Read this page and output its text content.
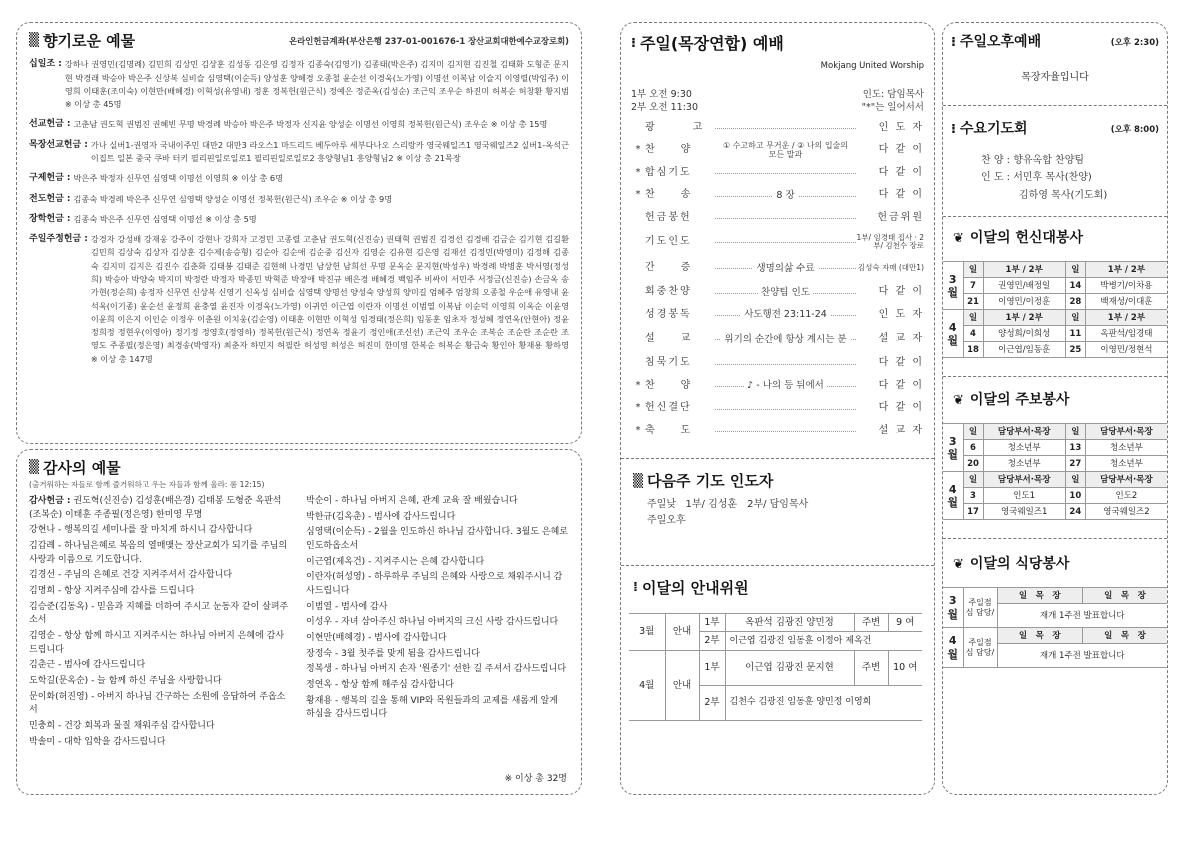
▒ 향기로운 예물	온라인헌금계좌(부산은행 237-01-001676-1 장산교회대한예수교장로회)
십일조 : 강하나 권영민(김명례) 김민희 김상민 김상훈 김성동 김은영 김정자 김종숙(김영기) 김종태(박은주) 김지미 김지현 김진철 김태화 도형준 문지현 박경래 박승아 박은주 신상복 심비슬 심영택(이순득) 양성훈 양혜경 오종철 윤순선 이경욱(노가영) 이명선 이복남 이슬지 이영렬(박임주) 이영희 이태훈(조미숙) 이현만(배혜경) 이혁성(유영내) 정훈 정복헌(원근식) 정예은 정준옥(김성순) 조근익 조우순 하진미 허복순 허창환 황지범 ※ 이상 총 45명
선교헌금 : 고춘남 권도혁 권범진 권혜빈 무명 박경례 박승아 박은주 박정자 신지윤 양성순 이명선 이영희 정복헌(원근식) 조우순 ※ 이상 총 15명
목장선교헌금 : 가나 실버1-권영자 국내이주민 대만2 대만3 라오스1 마드리드 베두아루 세부다나오 스리랑카 영국웨일즈1 영국웨일즈2 실버1-옥석근 이집트 일본 중국 쿠바 터키 필리핀일로일로1 필리핀일로일로2 흥양형님1 흥양형님2 ※ 이상 총 21목장
구제헌금 : 박은주 박정자 신무연 심영택 이명선 이영희 ※ 이상 총 6명
전도헌금 : 김종숙 박경례 박은주 신무연 심영택 양성순 이명선 정복헌(원근식) 조우순 ※ 이상 총 9명
장학헌금 : 김종숙 박은주 신무연 심영택 이명선 ※ 이상 총 5명
주일주정헌금 : 강경자 강성배 강재웅 강주이 강현나 강희자 고경민 고종렬 고춘남 권도혁(신진승) 권태혁 권범진 김경선 김경배 김금순 김기현 김길환 김민희 김상숙 김상자 김상훈 김수제(송승형) 김순아 김순애 김순중 김신자 김영순 김유현 김은영 김재선 김정민(박영미) 김정해 김종숙 김지미 김지은 김진수 김춘화 김태봉 김태준 김현해 나경민 남상헌 남희선 무명 문옥순 문지현(박성우) 박경례 박병훈 박서영(정성희) 박승아 박양숙 박지미 박정란 박정자 박종민 박혁준 박장애 박진규 배은경 배혜경 백임주 비싸이 서민주 서정금(신진승) 손금옥 송가현(정순희) 송정자 신무연 신상복 신영기 신옥성 심비슬 심영택 양명선 양성숙 양성희 양미길 엄혜주 엄창희 오종철 우순애 유영내 윤석옥(이기종) 윤순선 윤정희 윤충열 윤진자 이경욱(노가영) 이귀연 이근엽 이란자 이명선 이범열 이복남 이순덕 이영희 이옥순 이윤영 이윤희 이은지 이인순 이정우 이춘원 이치웅(김순영) 이태훈 이현만 이혁성 임경태(정은희) 임동훈 임초자 정성혜 정연옥(안현아) 정윤 정희정 정현우(이영아) 정기정 정영호(정영하) 정복헌(원근식) 정연옥 정윤기 정인애(조신선) 조근익 조우순 조복순 조순란 조순란 조영도 주종필(정은영) 최경송(박영자) 최춘자 하민지 허필란 허성영 허성은 허진미 한미영 한복순 허복순 황금숙 황인아 황재용 황하영 ※ 이상 총 147명
▒ 감사의 예물
(출거워하는 자들로 함께 즐거워하고 우는 자들과 함께 울라: 롬 12:15)
감사헌금 : 권도혁(신진승) 김성훈(배은경) 김태봉 도형준 옥판석(조복순) 이태훈 주종필(정은영) 한미영 무명
강현나 - 행복의길 세미나를 잘 마치게 하시니 감사합니다
김갑례 - 하나님은혜로 복음의 열매맺는 장산교회가 되기를 주님의 사랑과 이름으로 기도합니다.
김경선 - 주님의 은혜로 건강 지켜주셔서 감사합니다
김명희 - 항상 지켜주심에 감사를 드립니다
김승준(김동옥) - 믿음과 지혜를 더하여 주시고 눈동자 같이 살펴주소서
김영순 - 항상 함께 하시고 지켜주시는 하나님 아버지 은혜에 감사드립니다
김춘근 - 범사에 감사드립니다
도학길(문옥순) - 늘 함께 하신 주님을 사랑합니다
문이화(허진영) - 아버지 하나님 간구하는 소원에 응답하여 주옵소서
민충희 - 건강 회복과 물질 채워주심 감사합니다
박솔미 - 대학 입학을 감사드립니다
박순이 - 하나님 아버지 은혜, 관계 교육 잘 배웠습니다
박한규(김옥춘) - 범사에 감사드립니다
심영택(이순득) - 2월을 인도하신 하나님 감사합니다. 3월도 은혜로 인도하옵소서
이근엽(제옥건) - 지켜주시는 은혜 감사합니다
이란자(허성영) - 하루하루 주님의 은혜와 사랑으로 채워주시니 감사드립니다
이범열 - 범사에 감사
이성우 - 자녀 삼아주신 하나님 아버지의 크신 사랑 감사드립니다
이현만(배혜경) - 범사에 감사합니다
장정숙 - 3월 첫주를 맞게 됨을 감사드립니다
정복생 - 하나님 아버지 손자 '원종기' 선한 길 주셔서 감사드립니다
정연옥 - 항상 함께 해주심 감사합니다
황재용 - 행복의 길을 통해 VIP와 목원들과의 교제를 새롭게 알게 하심을 감사드립니다
※ 이상 총 32명
⁝ 주일(목장연합) 예배
Mokjang United Worship
1부 오전 9:30
2부 오전 11:30
인도: 담임목사
"*"는 일어서서
광　　　고	인 도 자
* 찬　　양	① 수고하고 무거운 / ② 나의 입술의 모든 말과	다 같 이
* 합심기도	다 같 이
* 찬　　송	8 장	다 같 이
헌금봉헌	헌금위원
기도인도	1부/ 임경태 집사 · 2부/ 김천수 장로
간　　증	생명의삶 수료	김성숙 자매 (대만1)
회중찬양	찬양팀 인도	다 같 이
성경봉독	사도행전 23:11-24	인 도 자
설　　교	위기의 순간에 항상 계시는 분	설 교 자
침묵기도	다 같 이
* 찬　　양	♪ - 나의 등 뒤에서	다 같 이
* 헌신결단	다 같 이
* 축　　도	설 교 자
▒ 다음주 기도 인도자
주일낮 1부/ 김성훈　2부/ 담임목사
주일오후
⁞ 이달의 안내위원
3월	안내	1부	옥판석 김광진 양민정	주변	9 여
		2부	이근엽 김광진 임동훈 이정아 제옥건		
4월	안내	1부	이근엽 김광진 문지현	주변	10 여
		2부	김천수 김광진 임동훈 양민정 이영희		
⁝ 주일오후예배	(오후 2:30)
목장자율입니다
⁝ 수요기도회	(오후 8:00)
찬 양 : 향유옥합 찬양팀
인 도 : 서민후 목사(찬양)
김하영 목사(기도회)
❦ 이달의 헌신대봉사
3월	일	1부 / 2부	일	1부 / 2부
	7	권영민/배정일	14	박병기/이차용
	21	이영민/이정훈	28	백재성/이대훈
4월	일	1부 / 2부	일	1부 / 2부
	4	양성희/이희성	11	옥판석/임경태
	18	이근엽/임동훈	25	이영민/정현석
❦ 이달의 주보봉사
3월	일	담당부서·목장	일	담당부서·목장
	6	청소년부	13	청소년부
	20	청소년부	27	청소년부
4월	일	담당부서·목장	일	담당부서·목장
	3	인도1	10	인도2
	17	영국웨일즈1	24	영국웨일즈2
❦ 이달의 식당봉사
3월	주일점심 담당/	일　목　장	일　목　장
		재개 1주전 발표합니다	
4월	주일점심 담당/	일　목　장	일　목　장
		재개 1주전 발표합니다	
